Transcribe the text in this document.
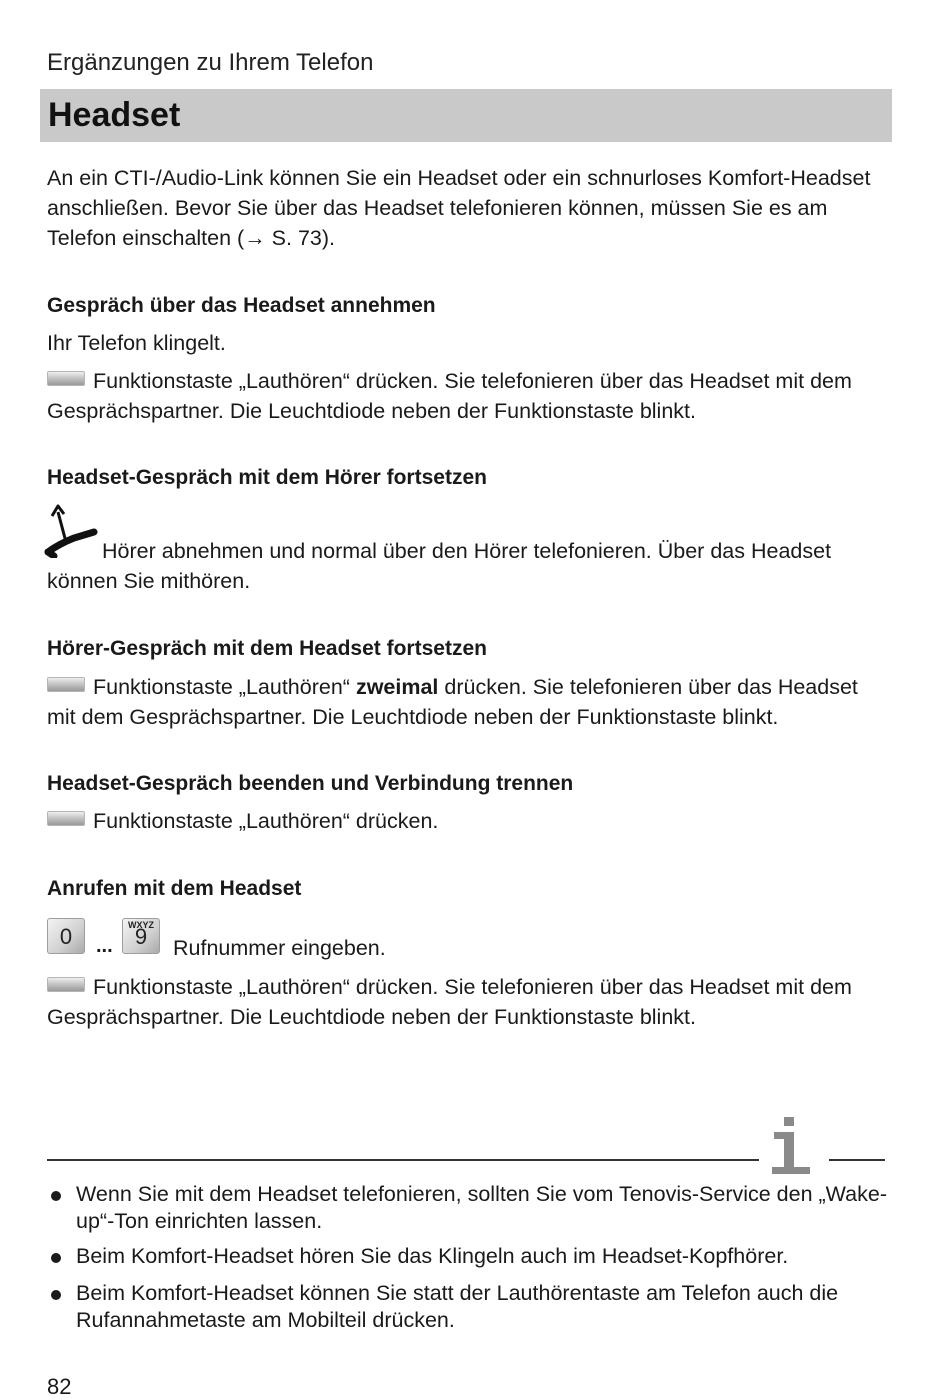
Ergänzungen zu Ihrem Telefon
Headset
An ein CTI-/Audio-Link können Sie ein Headset oder ein schnurloses Komfort-Headset anschließen. Bevor Sie über das Headset telefonieren können, müssen Sie es am Telefon einschalten (→ S. 73).
Gespräch über das Headset annehmen
Ihr Telefon klingelt.
Funktionstaste „Lauthören“ drücken. Sie telefonieren über das Headset mit dem Gesprächspartner. Die Leuchtdiode neben der Funktionstaste blinkt.
Headset-Gespräch mit dem Hörer fortsetzen
Hörer abnehmen und normal über den Hörer telefonieren. Über das Headset können Sie mithören.
Hörer-Gespräch mit dem Headset fortsetzen
Funktionstaste „Lauthören“ zweimal drücken. Sie telefonieren über das Headset mit dem Gesprächspartner. Die Leuchtdiode neben der Funktionstaste blinkt.
Headset-Gespräch beenden und Verbindung trennen
Funktionstaste „Lauthören“ drücken.
Anrufen mit dem Headset
0	...
WXYZ
9	Rufnummer eingeben.
Funktionstaste „Lauthören“ drücken. Sie telefonieren über das Headset mit dem Gesprächspartner. Die Leuchtdiode neben der Funktionstaste blinkt.
Wenn Sie mit dem Headset telefonieren, sollten Sie vom Tenovis-Service den „Wake-up“-Ton einrichten lassen.
Beim Komfort-Headset hören Sie das Klingeln auch im Headset-Kopfhörer.
Beim Komfort-Headset können Sie statt der Lauthörentaste am Telefon auch die Rufannahmetaste am Mobilteil drücken.
82
